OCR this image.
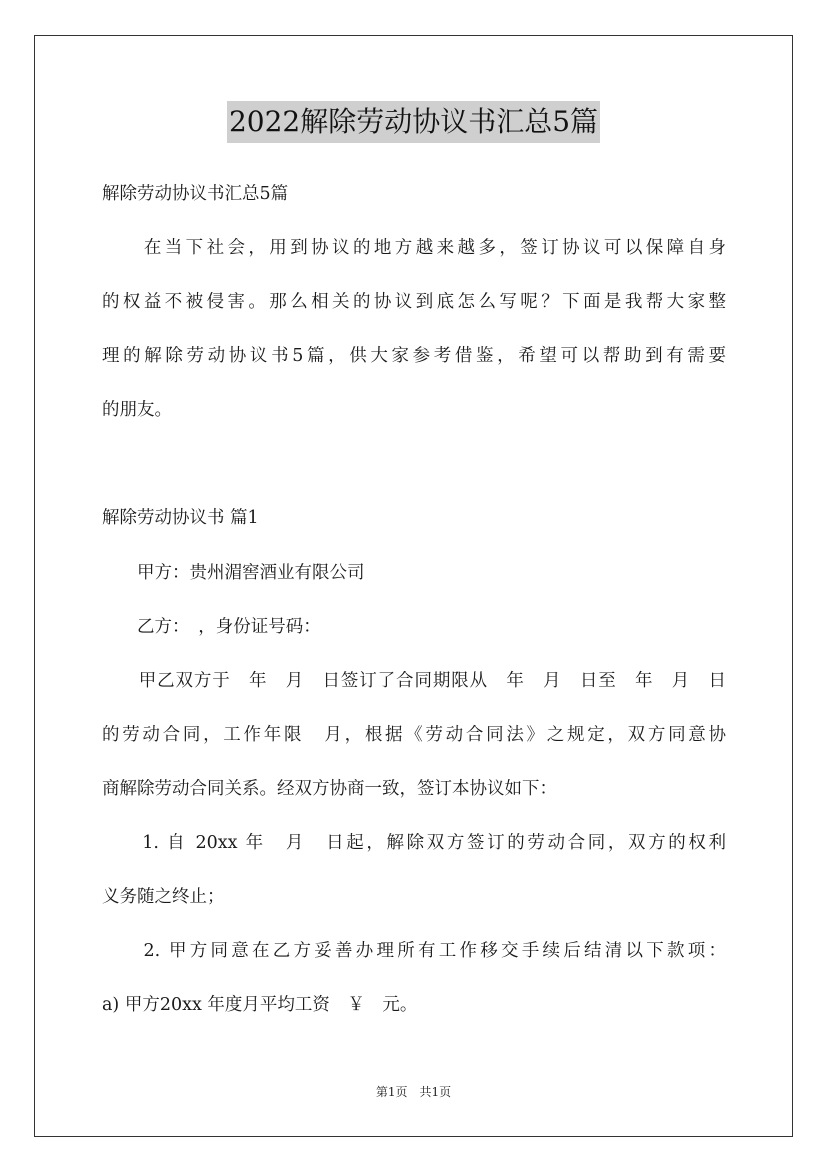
2022解除劳动协议书汇总5篇
解除劳动协议书汇总5篇
　　在当下社会，用到协议的地方越来越多，签订协议可以保障自身
的权益不被侵害。那么相关的协议到底怎么写呢？下面是我帮大家整
理的解除劳动协议书5篇，供大家参考借鉴，希望可以帮助到有需要
的朋友。
解除劳动协议书 篇1
　　甲方：贵州湄窖酒业有限公司
　　乙方：　，身份证号码：
　　甲乙双方于　年　月　日签订了合同期限从　年　月　日至　年　月　日
的劳动合同，工作年限　月，根据《劳动合同法》之规定，双方同意协
商解除劳动合同关系。经双方协商一致，签订本协议如下：
　　1. 自 20xx 年　月　日起，解除双方签订的劳动合同，双方的权利
义务随之终止；
　　2. 甲方同意在乙方妥善办理所有工作移交手续后结清以下款项：
a) 甲方20xx 年度月平均工资　￥　元。
第1页　共1页
